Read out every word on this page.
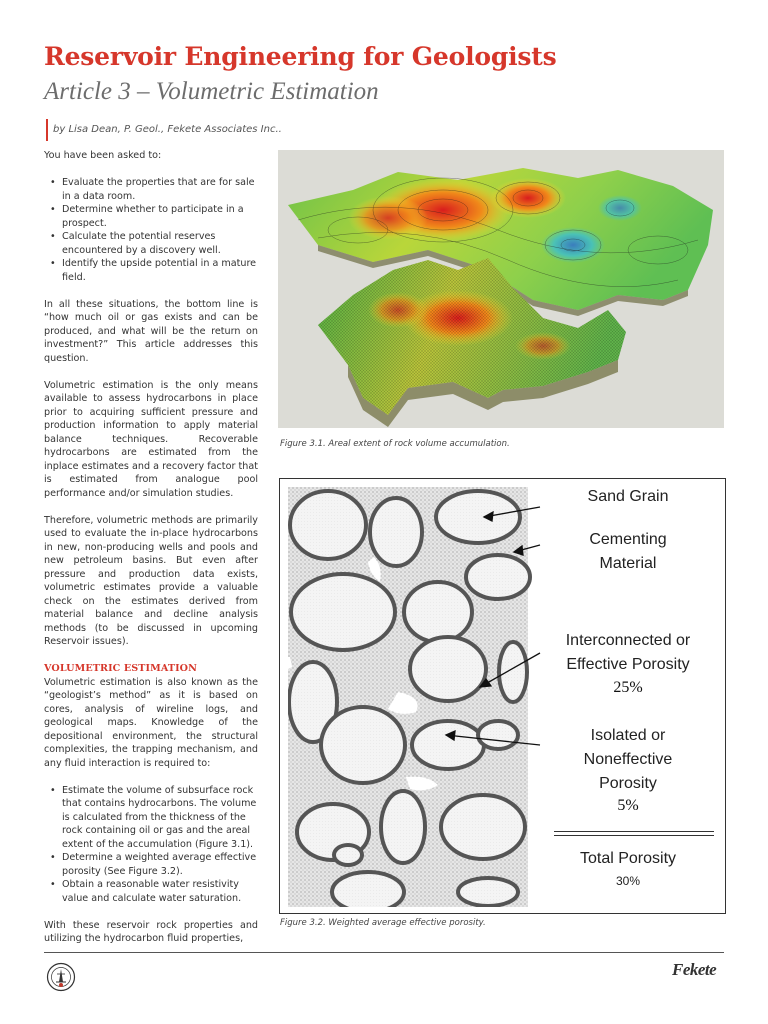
Reservoir Engineering for Geologists
Article 3 – Volumetric Estimation
by Lisa Dean, P. Geol., Fekete Associates Inc..

You have been asked to:

• Evaluate the properties that are for sale in a data room.
• Determine whether to participate in a prospect.
• Calculate the potential reserves encountered by a discovery well.
• Identify the upside potential in a mature field.

In all these situations, the bottom line is “how much oil or gas exists and can be produced, and what will be the return on investment?” This article addresses this question.

Volumetric estimation is the only means available to assess hydrocarbons in place prior to acquiring sufficient pressure and production information to apply material balance techniques. Recoverable hydrocarbons are estimated from the inplace estimates and a recovery factor that is estimated from analogue pool performance and/or simulation studies.

Therefore, volumetric methods are primarily used to evaluate the in-place hydrocarbons in new, non-producing wells and pools and new petroleum basins. But even after pressure and production data exists, volumetric estimates provide a valuable check on the estimates derived from material balance and decline analysis methods (to be discussed in upcoming Reservoir issues).

VOLUMETRIC ESTIMATION

Volumetric estimation is also known as the “geologist’s method” as it is based on cores, analysis of wireline logs, and geological maps. Knowledge of the depositional environment, the structural complexities, the trapping mechanism, and any fluid interaction is required to:

• Estimate the volume of subsurface rock that contains hydrocarbons. The volume is calculated from the thickness of the rock containing oil or gas and the areal extent of the accumulation (Figure 3.1).
• Determine a weighted average effective porosity (See Figure 3.2).
• Obtain a reasonable water resistivity value and calculate water saturation.

With these reservoir rock properties and utilizing the hydrocarbon fluid properties,

Figure 3.1. Areal extent of rock volume accumulation.
Sand Grain
Cementing
Material
Interconnected or
Effective Porosity
25%
Isolated or
Noneffective
Porosity
5%
Total Porosity
30%
Figure 3.2. Weighted average effective porosity.
Fekete
